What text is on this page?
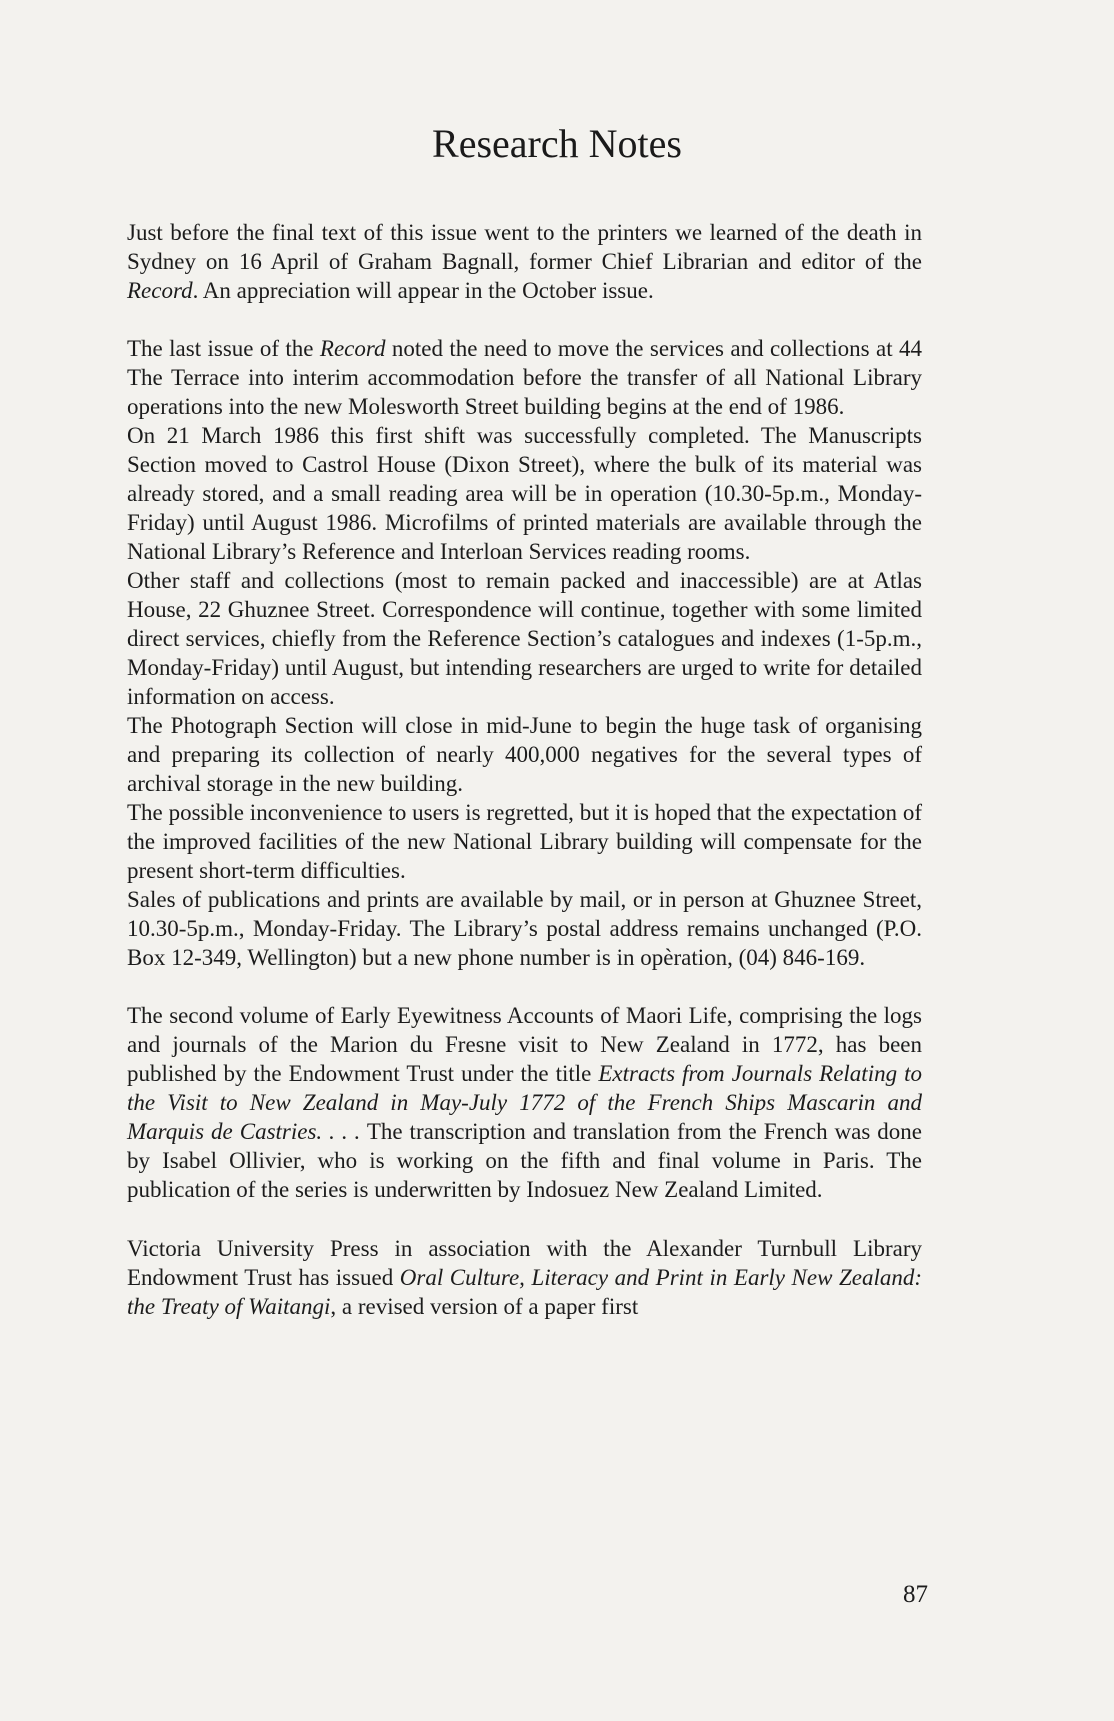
Research Notes

Just before the final text of this issue went to the printers we learned of the death in Sydney on 16 April of Graham Bagnall, former Chief Librarian and editor of the Record. An appreciation will appear in the October issue.

The last issue of the Record noted the need to move the services and collections at 44 The Terrace into interim accommodation before the transfer of all National Library operations into the new Molesworth Street building begins at the end of 1986.

On 21 March 1986 this first shift was successfully completed. The Manuscripts Section moved to Castrol House (Dixon Street), where the bulk of its material was already stored, and a small reading area will be in operation (10.30-5p.m., Monday-Friday) until August 1986. Microfilms of printed materials are available through the National Library’s Reference and Interloan Services reading rooms.

Other staff and collections (most to remain packed and inaccessible) are at Atlas House, 22 Ghuznee Street. Correspondence will continue, together with some limited direct services, chiefly from the Reference Section’s catalogues and indexes (1-5p.m., Monday-Friday) until August, but intending researchers are urged to write for detailed information on access.

The Photograph Section will close in mid-June to begin the huge task of organising and preparing its collection of nearly 400,000 negatives for the several types of archival storage in the new building.

The possible inconvenience to users is regretted, but it is hoped that the expectation of the improved facilities of the new National Library building will compensate for the present short-term difficulties.

Sales of publications and prints are available by mail, or in person at Ghuznee Street, 10.30-5p.m., Monday-Friday. The Library’s postal address remains unchanged (P.O. Box 12-349, Wellington) but a new phone number is in opèration, (04) 846-169.

The second volume of Early Eyewitness Accounts of Maori Life, comprising the logs and journals of the Marion du Fresne visit to New Zealand in 1772, has been published by the Endowment Trust under the title Extracts from Journals Relating to the Visit to New Zealand in May-July 1772 of the French Ships Mascarin and Marquis de Castries. . . . The transcription and translation from the French was done by Isabel Ollivier, who is working on the fifth and final volume in Paris. The publication of the series is underwritten by Indosuez New Zealand Limited.

Victoria University Press in association with the Alexander Turnbull Library Endowment Trust has issued Oral Culture, Literacy and Print in Early New Zealand: the Treaty of Waitangi, a revised version of a paper first

87
